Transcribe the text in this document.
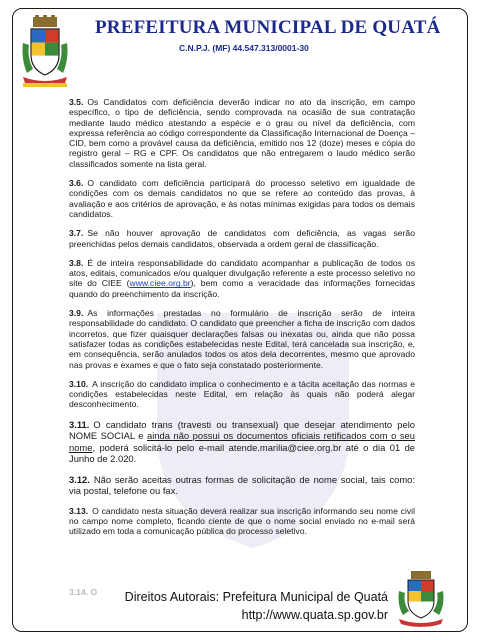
PREFEITURA MUNICIPAL DE QUATÁ
C.N.P.J. (MF) 44.547.313/0001-30

3.5. Os Candidatos com deficiência deverão indicar no ato da inscrição, em campo específico, o tipo de deficiência, sendo comprovada na ocasião de sua contratação mediante laudo médico atestando a espécie e o grau ou nível da deficiência, com expressa referência ao código correspondente da Classificação Internacional de Doença – CID, bem como a provável causa da deficiência, emitido nos 12 (doze) meses e cópia do registro geral – RG e CPF. Os candidatos que não entregarem o laudo médico serão classificados somente na lista geral.

3.6. O candidato com deficiência participará do processo seletivo em igualdade de condições com os demais candidatos no que se refere ao conteúdo das provas, à avaliação e aos critérios de aprovação, e às notas mínimas exigidas para todos os demais candidatos.

3.7. Se não houver aprovação de candidatos com deficiência, as vagas serão preenchidas pelos demais candidatos, observada a ordem geral de classificação.

3.8. É de inteira responsabilidade do candidato acompanhar a publicação de todos os atos, editais, comunicados e/ou qualquer divulgação referente a este processo seletivo no site do CIEE (www.ciee.org.br), bem como a veracidade das informações fornecidas quando do preenchimento da inscrição.

3.9. As informações prestadas no formulário de inscrição serão de inteira responsabilidade do candidato. O candidato que preencher a ficha de inscrição com dados incorretos, que fizer quaisquer declarações falsas ou inexatas ou, ainda que não possa satisfazer todas as condições estabelecidas neste Edital, terá cancelada sua inscrição, e, em consequência, serão anulados todos os atos dela decorrentes, mesmo que aprovado nas provas e exames e que o fato seja constatado posteriormente.

3.10. A inscrição do candidato implica o conhecimento e a tácita aceitação das normas e condições estabelecidas neste Edital, em relação às quais não poderá alegar desconhecimento.

3.11. O candidato trans (travesti ou transexual) que desejar atendimento pelo NOME SOCIAL e ainda não possui os documentos oficiais retificados com o seu nome, poderá solicitá-lo pelo e-mail atende.marilia@ciee.org.br até o dia 01 de Junho de 2.020.

3.12. Não serão aceitas outras formas de solicitação de nome social, tais como: via postal, telefone ou fax.

3.13. O candidato nesta situação deverá realizar sua inscrição informando seu nome civil no campo nome completo, ficando ciente de que o nome social enviado no e-mail será utilizado em toda a comunicação pública do processo seletivo.

3.14. O Direitos Autorais: Prefeitura Municipal de Quatá
http://www.quata.sp.gov.br
QUATÁ
